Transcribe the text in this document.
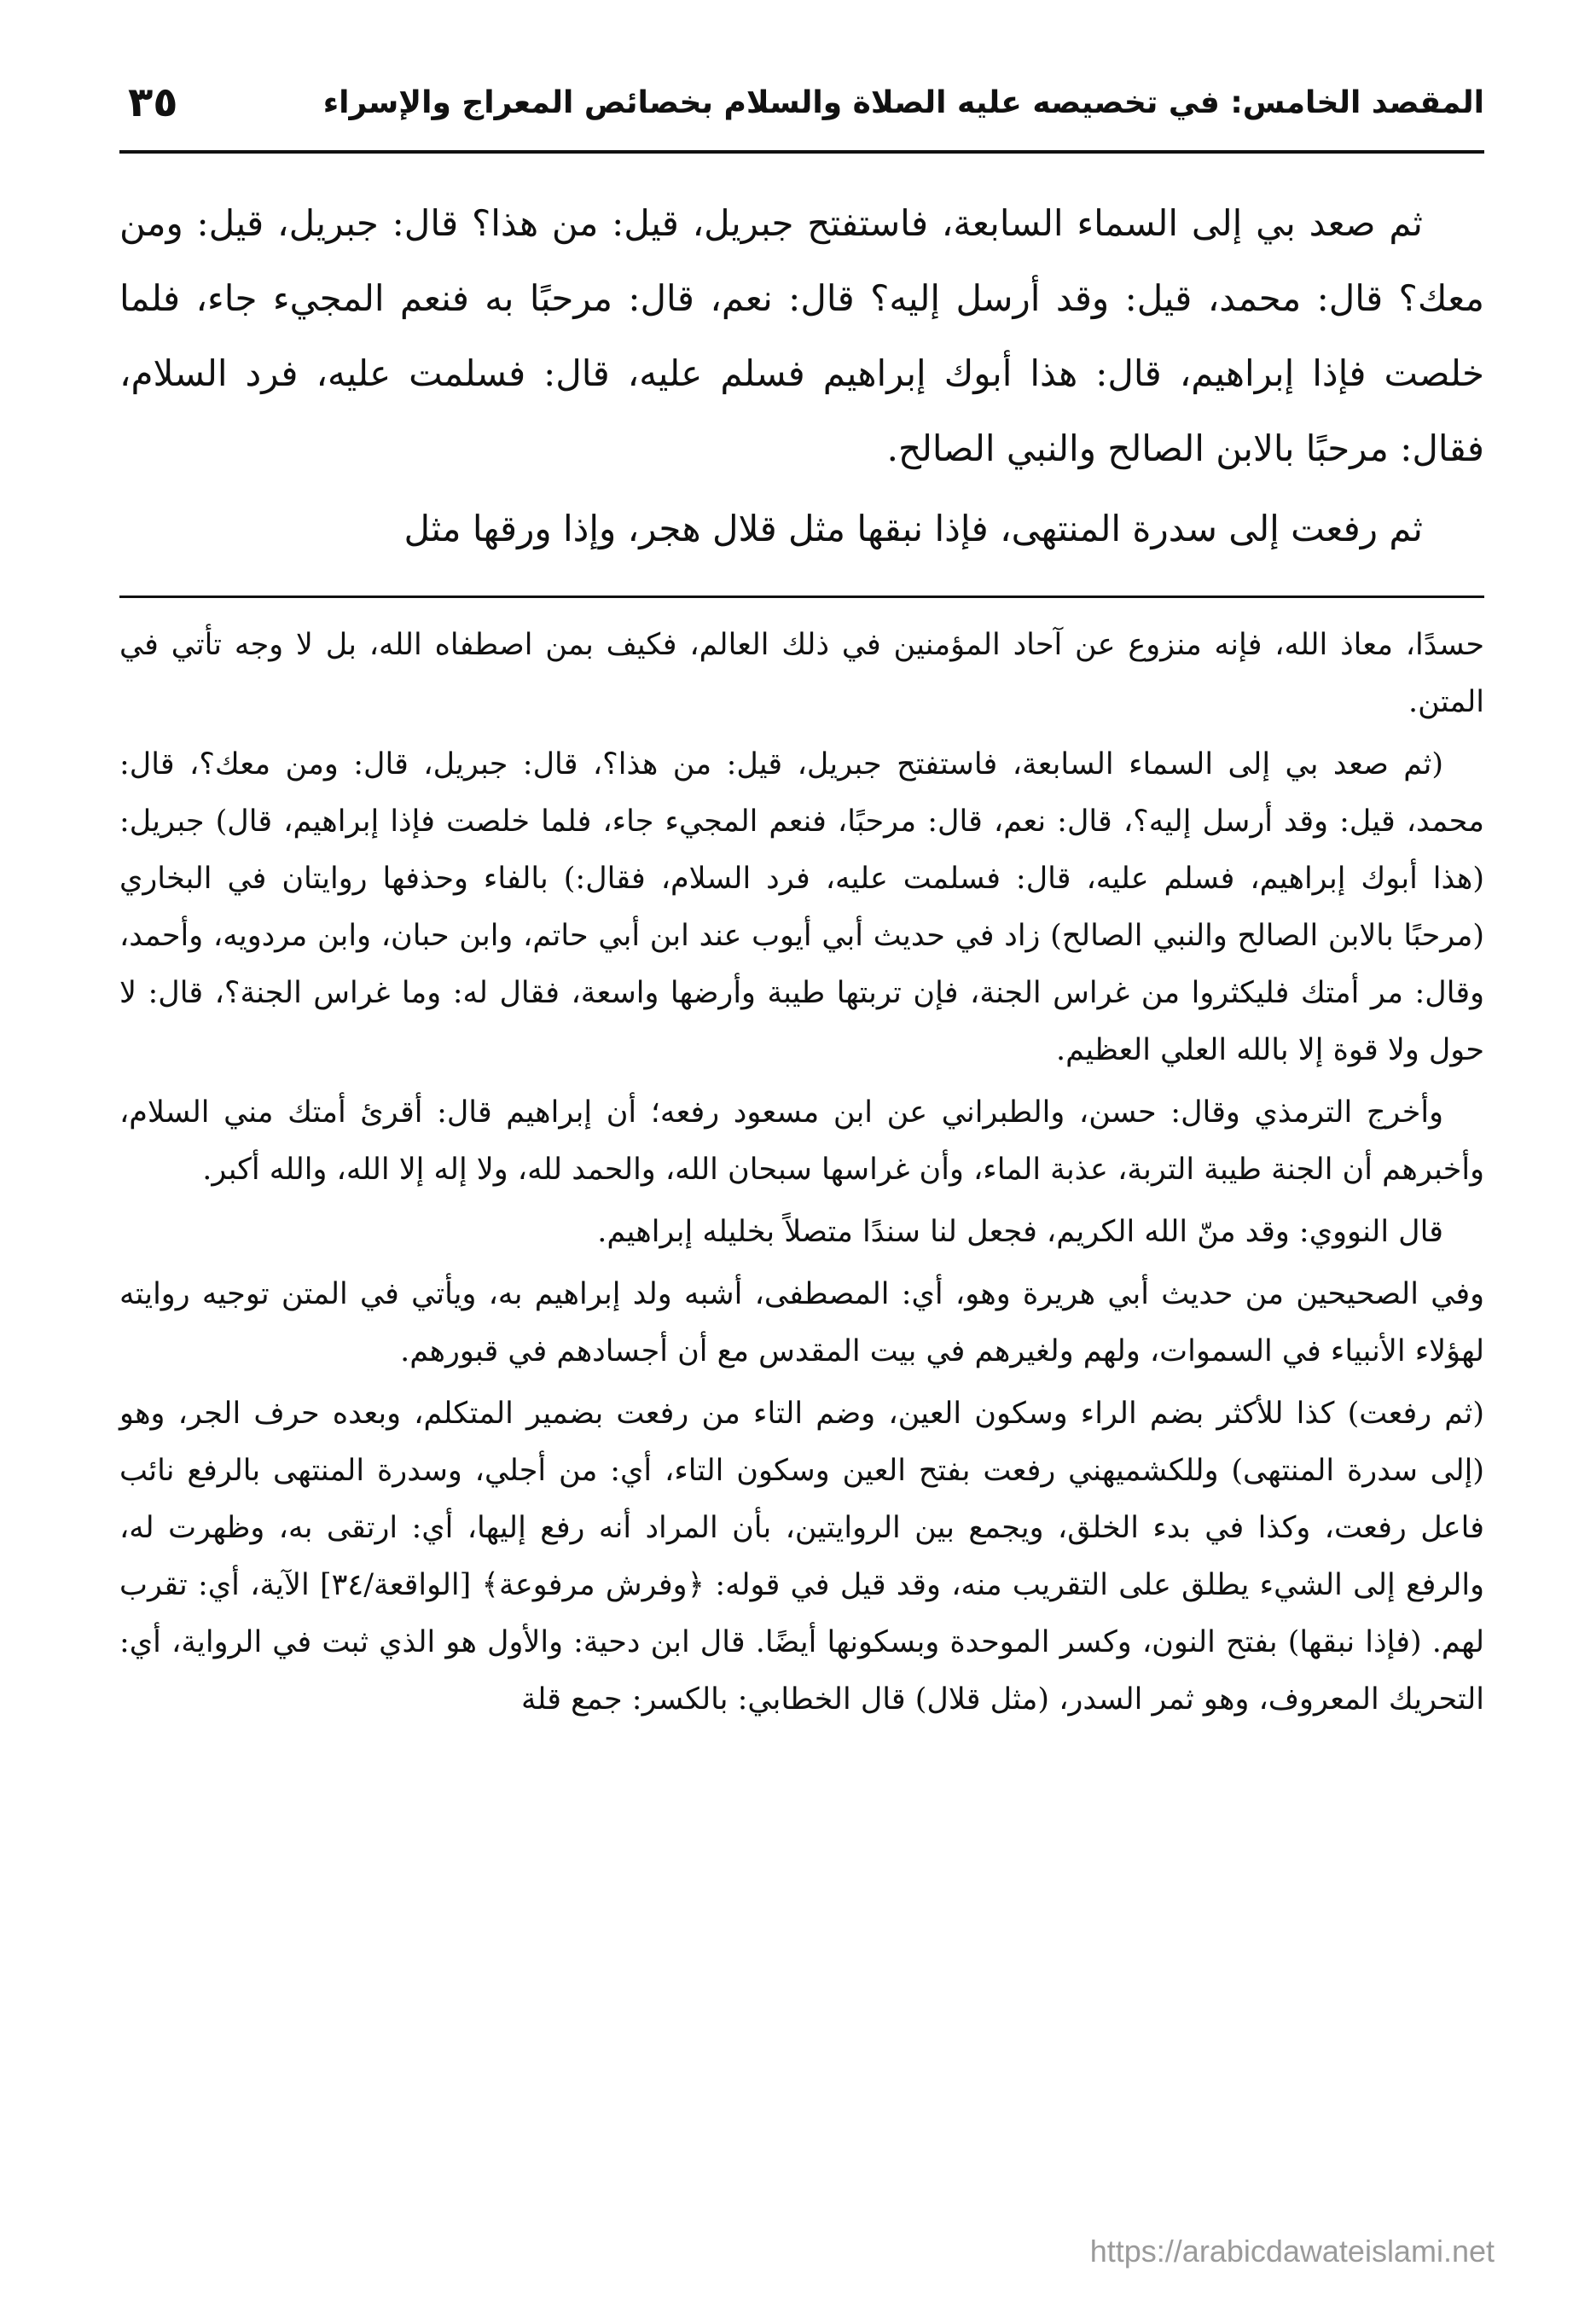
المقصد الخامس: في تخصيصه عليه الصلاة والسلام بخصائص المعراج والإسراء
٣٥

ثم صعد بي إلى السماء السابعة، فاستفتح جبريل، قيل: من هذا؟ قال: جبريل، قيل: ومن معك؟ قال: محمد، قيل: وقد أرسل إليه؟ قال: نعم، قال: مرحبًا به فنعم المجيء جاء، فلما خلصت فإذا إبراهيم، قال: هذا أبوك إبراهيم فسلم عليه، قال: فسلمت عليه، فرد السلام، فقال: مرحبًا بالابن الصالح والنبي الصالح.

ثم رفعت إلى سدرة المنتهى، فإذا نبقها مثل قلال هجر، وإذا ورقها مثل

حسدًا، معاذ الله، فإنه منزوع عن آحاد المؤمنين في ذلك العالم، فكيف بمن اصطفاه الله، بل لا وجه تأتي في المتن.

(ثم صعد بي إلى السماء السابعة، فاستفتح جبريل، قيل: من هذا؟، قال: جبريل، قال: ومن معك؟، قال: محمد، قيل: وقد أرسل إليه؟، قال: نعم، قال: مرحبًا، فنعم المجيء جاء، فلما خلصت فإذا إبراهيم، قال) جبريل: (هذا أبوك إبراهيم، فسلم عليه، قال: فسلمت عليه، فرد السلام، فقال:) بالفاء وحذفها روايتان في البخاري (مرحبًا بالابن الصالح والنبي الصالح) زاد في حديث أبي أيوب عند ابن أبي حاتم، وابن حبان، وابن مردويه، وأحمد، وقال: مر أمتك فليكثروا من غراس الجنة، فإن تربتها طيبة وأرضها واسعة، فقال له: وما غراس الجنة؟، قال: لا حول ولا قوة إلا بالله العلي العظيم.

وأخرج الترمذي وقال: حسن، والطبراني عن ابن مسعود رفعه؛ أن إبراهيم قال: أقرئ أمتك مني السلام، وأخبرهم أن الجنة طيبة التربة، عذبة الماء، وأن غراسها سبحان الله، والحمد لله، ولا إله إلا الله، والله أكبر.

قال النووي: وقد منّ الله الكريم، فجعل لنا سندًا متصلاً بخليله إبراهيم.

وفي الصحيحين من حديث أبي هريرة وهو، أي: المصطفى، أشبه ولد إبراهيم به، ويأتي في المتن توجيه روايته لهؤلاء الأنبياء في السموات، ولهم ولغيرهم في بيت المقدس مع أن أجسادهم في قبورهم.

(ثم رفعت) كذا للأكثر بضم الراء وسكون العين، وضم التاء من رفعت بضمير المتكلم، وبعده حرف الجر، وهو (إلى سدرة المنتهى) وللكشميهني رفعت بفتح العين وسكون التاء، أي: من أجلي، وسدرة المنتهى بالرفع نائب فاعل رفعت، وكذا في بدء الخلق، ويجمع بين الروايتين، بأن المراد أنه رفع إليها، أي: ارتقى به، وظهرت له، والرفع إلى الشيء يطلق على التقريب منه، وقد قيل في قوله: ﴿وفرش مرفوعة﴾ [الواقعة/٣٤] الآية، أي: تقرب لهم. (فإذا نبقها) بفتح النون، وكسر الموحدة وبسكونها أيضًا. قال ابن دحية: والأول هو الذي ثبت في الرواية، أي: التحريك المعروف، وهو ثمر السدر، (مثل قلال) قال الخطابي: بالكسر: جمع قلة

https://arabicdawateislami.net
